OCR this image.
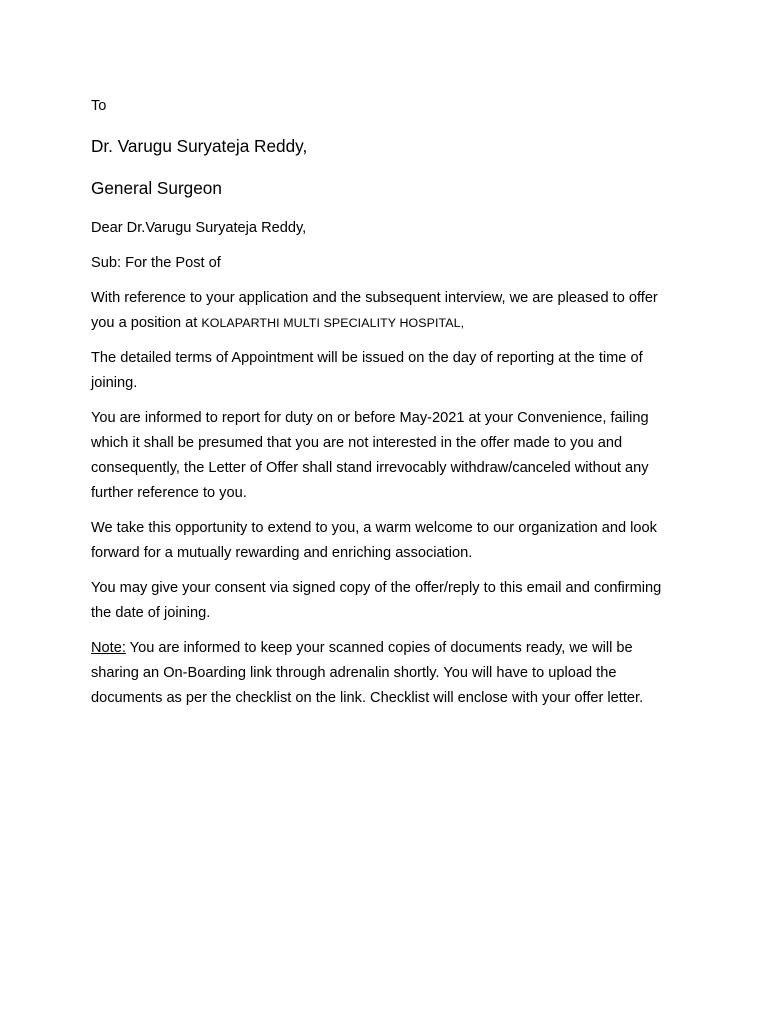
To
Dr. Varugu Suryateja Reddy,
General Surgeon
Dear Dr.Varugu Suryateja Reddy,
Sub: For the Post of

With reference to your application and the subsequent interview, we are pleased to offer you a position at KOLAPARTHI MULTI SPECIALITY HOSPITAL,

The detailed terms of Appointment will be issued on the day of reporting at the time of joining.

You are informed to report for duty on or before May-2021 at your Convenience, failing which it shall be presumed that you are not interested in the offer made to you and consequently, the Letter of Offer shall stand irrevocably withdraw/canceled without any further reference to you.

We take this opportunity to extend to you, a warm welcome to our organization and look forward for a mutually rewarding and enriching association.

You may give your consent via signed copy of the offer/reply to this email and confirming the date of joining.

Note: You are informed to keep your scanned copies of documents ready, we will be sharing an On-Boarding link through adrenalin shortly. You will have to upload the documents as per the checklist on the link. Checklist will enclose with your offer letter.
